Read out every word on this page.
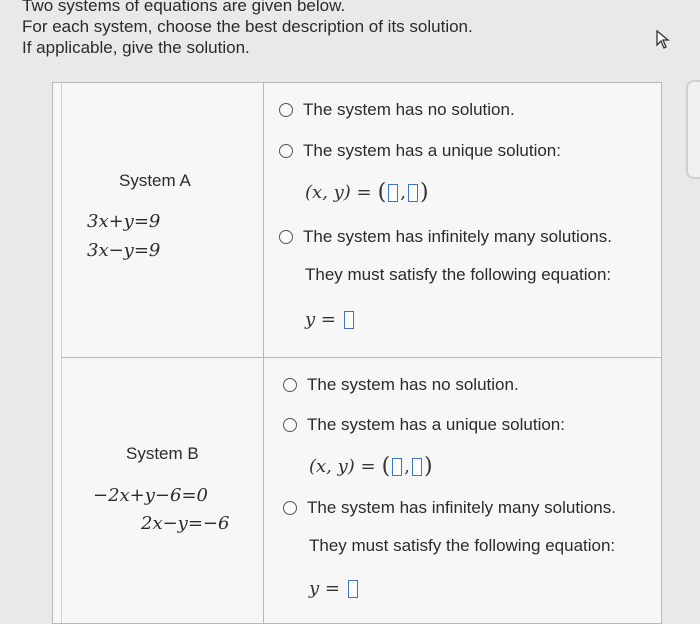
Two systems of equations are given below.
For each system, choose the best description of its solution.
If applicable, give the solution.
System A
3x+y=9
3x−y=9
The system has no solution.
The system has a unique solution:
(x, y) = ( , )
The system has infinitely many solutions.
They must satisfy the following equation:
y =
System B
−2x+y−6=0
2x−y=−6
The system has no solution.
The system has a unique solution:
(x, y) = ( , )
The system has infinitely many solutions.
They must satisfy the following equation:
y =
